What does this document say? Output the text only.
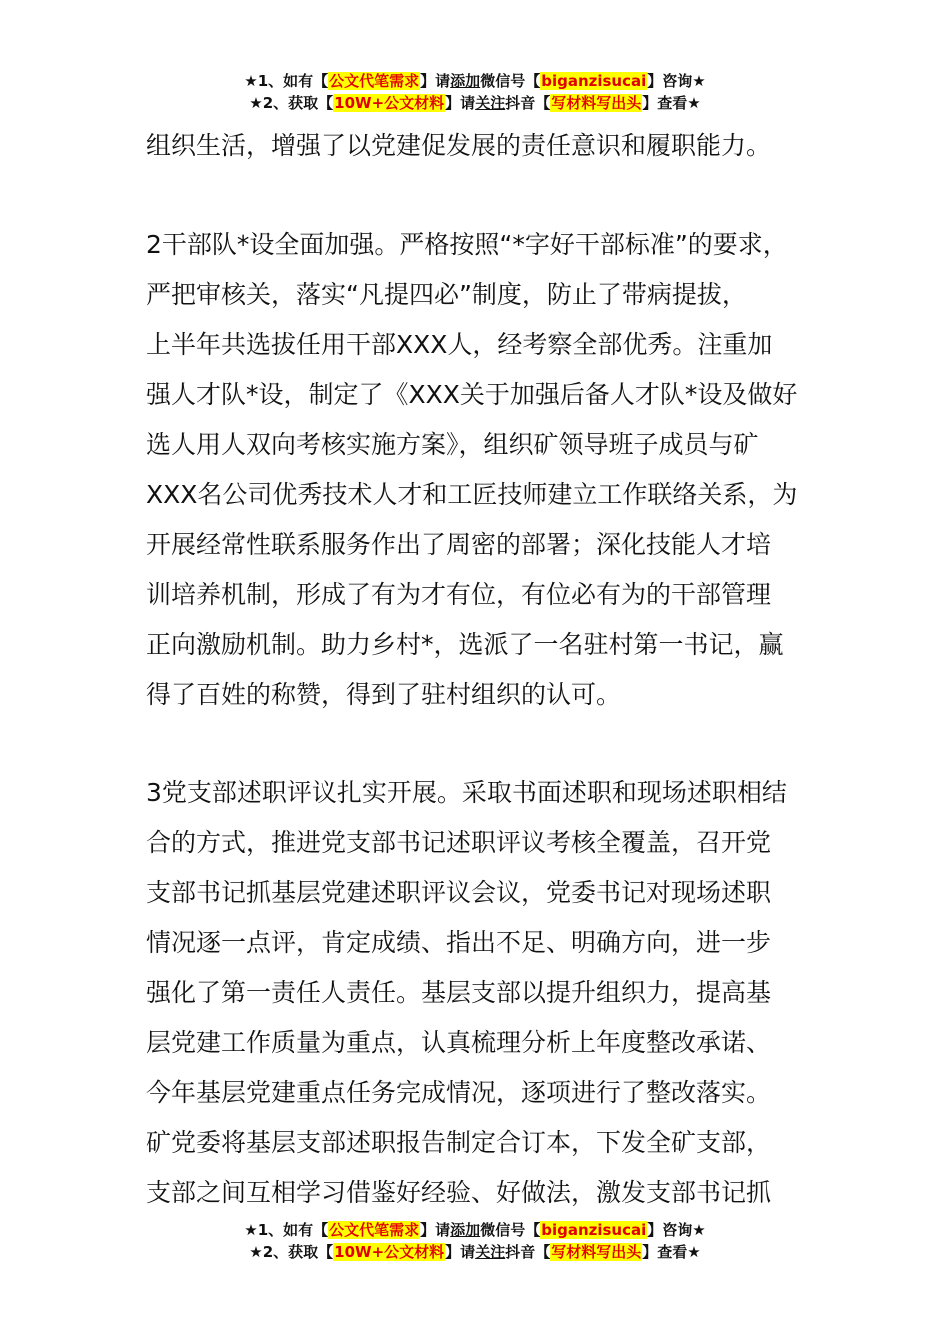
★1、如有【公文代笔需求】请添加微信号【biganzisucai】咨询★
★2、获取【10W+公文材料】请关注抖音【写材料写出头】查看★
组织生活，增强了以党建促发展的责任意识和履职能力。
2干部队*设全面加强。严格按照“*字好干部标准”的要求，
严把审核关，落实“凡提四必”制度，防止了带病提拔，
上半年共选拔任用干部XXX人，经考察全部优秀。注重加
强人才队*设，制定了《XXX关于加强后备人才队*设及做好
选人用人双向考核实施方案》，组织矿领导班子成员与矿
XXX名公司优秀技术人才和工匠技师建立工作联络关系，为
开展经常性联系服务作出了周密的部署；深化技能人才培
训培养机制，形成了有为才有位，有位必有为的干部管理
正向激励机制。助力乡村*，选派了一名驻村第一书记，赢
得了百姓的称赞，得到了驻村组织的认可。
3党支部述职评议扎实开展。采取书面述职和现场述职相结
合的方式，推进党支部书记述职评议考核全覆盖，召开党
支部书记抓基层党建述职评议会议，党委书记对现场述职
情况逐一点评，肯定成绩、指出不足、明确方向，进一步
强化了第一责任人责任。基层支部以提升组织力，提高基
层党建工作质量为重点，认真梳理分析上年度整改承诺、
今年基层党建重点任务完成情况，逐项进行了整改落实。
矿党委将基层支部述职报告制定合订本，下发全矿支部，
支部之间互相学习借鉴好经验、好做法，激发支部书记抓
★1、如有【公文代笔需求】请添加微信号【biganzisucai】咨询★
★2、获取【10W+公文材料】请关注抖音【写材料写出头】查看★
